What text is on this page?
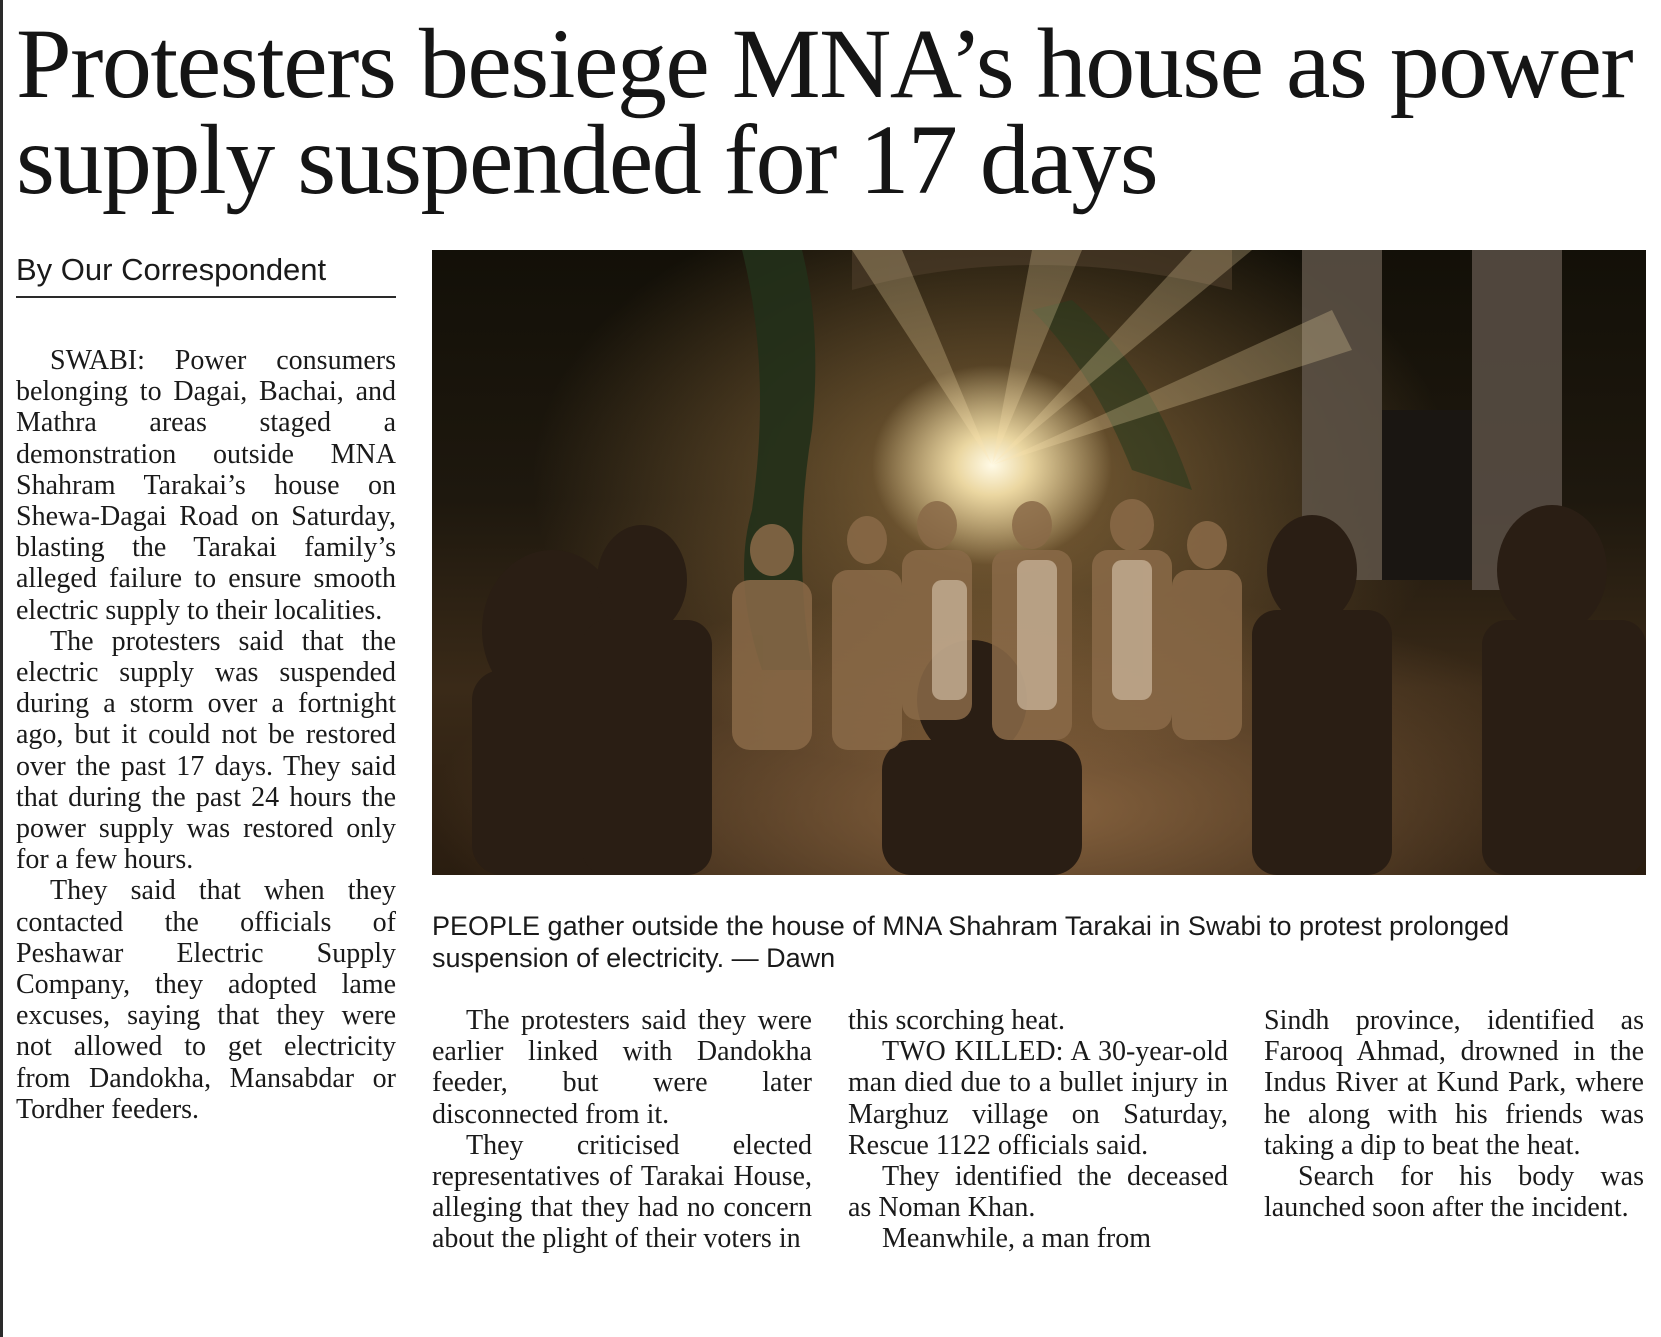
Protesters besiege MNA’s house as power supply suspended for 17 days
By Our Correspondent

SWABI: Power consumers belonging to Dagai, Bachai, and Mathra areas staged a demonstration outside MNA Shahram Tarakai’s house on Shewa-Dagai Road on Saturday, blasting the Tarakai family’s alleged failure to ensure smooth electric supply to their localities.

The protesters said that the electric supply was suspended during a storm over a fortnight ago, but it could not be restored over the past 17 days. They said that during the past 24 hours the power supply was restored only for a few hours.

They said that when they contacted the officials of Peshawar Electric Supply Company, they adopted lame excuses, saying that they were not allowed to get electricity from Dandokha, Mansabdar or Tordher feeders.

PEOPLE gather outside the house of MNA Shahram Tarakai in Swabi to protest prolonged suspension of electricity. — Dawn

The protesters said they were earlier linked with Dandokha feeder, but were later disconnected from it.

They criticised elected representatives of Tarakai House, alleging that they had no concern about the plight of their voters in

this scorching heat.

TWO KILLED: A 30-year-old man died due to a bullet injury in Marghuz village on Saturday, Rescue 1122 officials said.

They identified the deceased as Noman Khan.

Meanwhile, a man from

Sindh province, identified as Farooq Ahmad, drowned in the Indus River at Kund Park, where he along with his friends was taking a dip to beat the heat.

Search for his body was launched soon after the incident.
